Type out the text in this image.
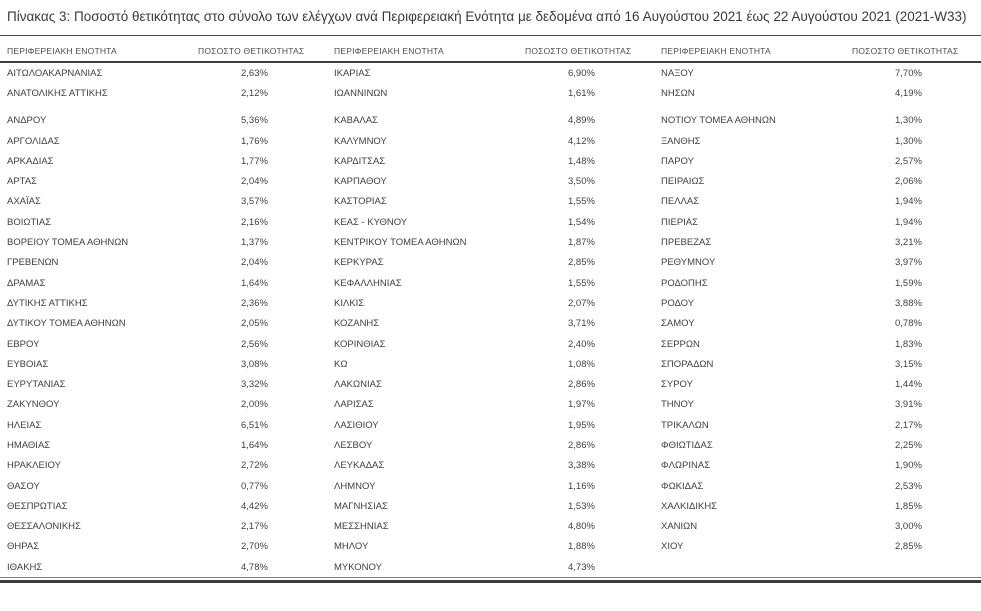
Πίνακας 3: Ποσοστό θετικότητας στο σύνολο των ελέγχων ανά Περιφερειακή Ενότητα με δεδομένα από 16 Αυγούστου 2021 έως 22 Αυγούστου 2021 (2021-W33)
ΠΕΡΙΦΕΡΕΙΑΚΗ ΕΝΟΤΗΤΑ	ΠΟΣΟΣΤΟ ΘΕΤΙΚΟΤΗΤΑΣ	ΠΕΡΙΦΕΡΕΙΑΚΗ ΕΝΟΤΗΤΑ	ΠΟΣΟΣΤΟ ΘΕΤΙΚΟΤΗΤΑΣ	ΠΕΡΙΦΕΡΕΙΑΚΗ ΕΝΟΤΗΤΑ	ΠΟΣΟΣΤΟ ΘΕΤΙΚΟΤΗΤΑΣ
ΑΙΤΩΛΟΑΚΑΡΝΑΝΙΑΣ	2,63%	ΙΚΑΡΙΑΣ	6,90%	ΝΑΞΟΥ	7,70%
ΑΝΑΤΟΛΙΚΗΣ ΑΤΤΙΚΗΣ	2,12%	ΙΩΑΝΝΙΝΩΝ	1,61%	ΝΗΣΩΝ	4,19%
ΑΝΔΡΟΥ	5,36%	ΚΑΒΑΛΑΣ	4,89%	ΝΟΤΙΟΥ ΤΟΜΕΑ ΑΘΗΝΩΝ	1,30%
ΑΡΓΟΛΙΔΑΣ	1,76%	ΚΑΛΥΜΝΟΥ	4,12%	ΞΑΝΘΗΣ	1,30%
ΑΡΚΑΔΙΑΣ	1,77%	ΚΑΡΔΙΤΣΑΣ	1,48%	ΠΑΡΟΥ	2,57%
ΑΡΤΑΣ	2,04%	ΚΑΡΠΑΘΟΥ	3,50%	ΠΕΙΡΑΙΩΣ	2,06%
ΑΧΑΪΑΣ	3,57%	ΚΑΣΤΟΡΙΑΣ	1,55%	ΠΕΛΛΑΣ	1,94%
ΒΟΙΩΤΙΑΣ	2,16%	ΚΕΑΣ - ΚΥΘΝΟΥ	1,54%	ΠΙΕΡΙΑΣ	1,94%
ΒΟΡΕΙΟΥ ΤΟΜΕΑ ΑΘΗΝΩΝ	1,37%	ΚΕΝΤΡΙΚΟΥ ΤΟΜΕΑ ΑΘΗΝΩΝ	1,87%	ΠΡΕΒΕΖΑΣ	3,21%
ΓΡΕΒΕΝΩΝ	2,04%	ΚΕΡΚΥΡΑΣ	2,85%	ΡΕΘΥΜΝΟΥ	3,97%
ΔΡΑΜΑΣ	1,64%	ΚΕΦΑΛΛΗΝΙΑΣ	1,55%	ΡΟΔΟΠΗΣ	1,59%
ΔΥΤΙΚΗΣ ΑΤΤΙΚΗΣ	2,36%	ΚΙΛΚΙΣ	2,07%	ΡΟΔΟΥ	3,88%
ΔΥΤΙΚΟΥ ΤΟΜΕΑ ΑΘΗΝΩΝ	2,05%	ΚΟΖΑΝΗΣ	3,71%	ΣΑΜΟΥ	0,78%
ΕΒΡΟΥ	2,56%	ΚΟΡΙΝΘΙΑΣ	2,40%	ΣΕΡΡΩΝ	1,83%
ΕΥΒΟΙΑΣ	3,08%	ΚΩ	1,08%	ΣΠΟΡΑΔΩΝ	3,15%
ΕΥΡΥΤΑΝΙΑΣ	3,32%	ΛΑΚΩΝΙΑΣ	2,86%	ΣΥΡΟΥ	1,44%
ΖΑΚΥΝΘΟΥ	2,00%	ΛΑΡΙΣΑΣ	1,97%	ΤΗΝΟΥ	3,91%
ΗΛΕΙΑΣ	6,51%	ΛΑΣΙΘΙΟΥ	1,95%	ΤΡΙΚΑΛΩΝ	2,17%
ΗΜΑΘΙΑΣ	1,64%	ΛΕΣΒΟΥ	2,86%	ΦΘΙΩΤΙΔΑΣ	2,25%
ΗΡΑΚΛΕΙΟΥ	2,72%	ΛΕΥΚΑΔΑΣ	3,38%	ΦΛΩΡΙΝΑΣ	1,90%
ΘΑΣΟΥ	0,77%	ΛΗΜΝΟΥ	1,16%	ΦΩΚΙΔΑΣ	2,53%
ΘΕΣΠΡΩΤΙΑΣ	4,42%	ΜΑΓΝΗΣΙΑΣ	1,53%	ΧΑΛΚΙΔΙΚΗΣ	1,85%
ΘΕΣΣΑΛΟΝΙΚΗΣ	2,17%	ΜΕΣΣΗΝΙΑΣ	4,80%	ΧΑΝΙΩΝ	3,00%
ΘΗΡΑΣ	2,70%	ΜΗΛΟΥ	1,88%	ΧΙΟΥ	2,85%
ΙΘΑΚΗΣ	4,78%	ΜΥΚΟΝΟΥ	4,73%
